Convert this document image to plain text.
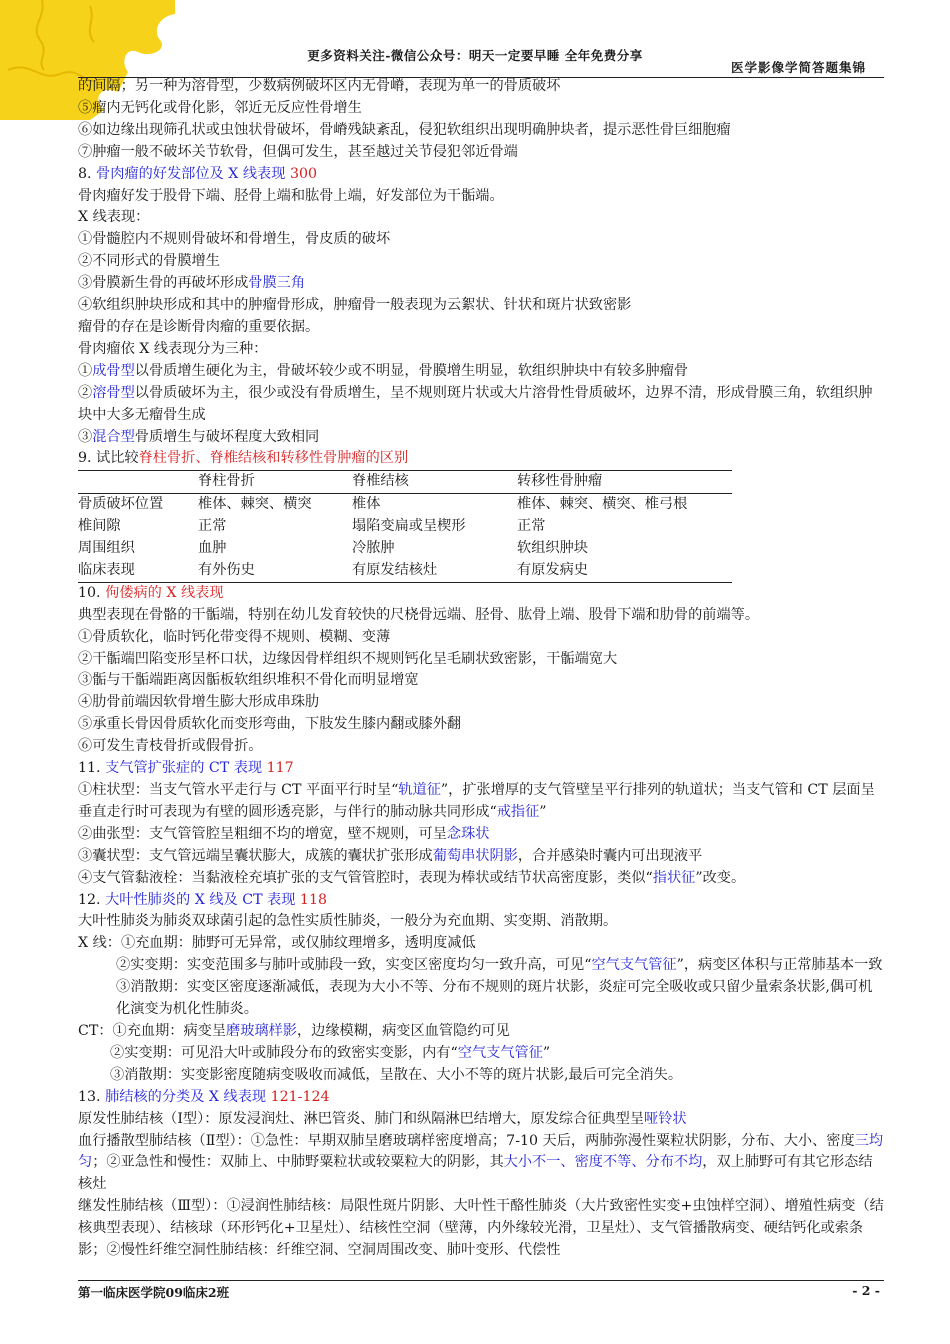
更多资料关注-微信公众号：明天一定要早睡 全年免费分享
医学影像学简答题集锦

的间隔；另一种为溶骨型，少数病例破坏区内无骨嵴，表现为单一的骨质破坏

⑤瘤内无钙化或骨化影，邻近无反应性骨增生

⑥如边缘出现筛孔状或虫蚀状骨破坏，骨嵴残缺紊乱，侵犯软组织出现明确肿块者，提示恶性骨巨细胞瘤

⑦肿瘤一般不破坏关节软骨，但偶可发生，甚至越过关节侵犯邻近骨端

8. 骨肉瘤的好发部位及 X 线表现 300

骨肉瘤好发于股骨下端、胫骨上端和肱骨上端，好发部位为干骺端。

X 线表现：

①骨髓腔内不规则骨破坏和骨增生，骨皮质的破坏

②不同形式的骨膜增生

③骨膜新生骨的再破坏形成骨膜三角

④软组织肿块形成和其中的肿瘤骨形成，肿瘤骨一般表现为云絮状、针状和斑片状致密影

瘤骨的存在是诊断骨肉瘤的重要依据。

骨肉瘤依 X 线表现分为三种：

①成骨型以骨质增生硬化为主，骨破坏较少或不明显，骨膜增生明显，软组织肿块中有较多肿瘤骨

②溶骨型以骨质破坏为主，很少或没有骨质增生，呈不规则斑片状或大片溶骨性骨质破坏，边界不清，形成骨膜三角，软组织肿块中大多无瘤骨生成

③混合型骨质增生与破坏程度大致相同

9. 试比较脊柱骨折、脊椎结核和转移性骨肿瘤的区别

	脊柱骨折	脊椎结核	转移性骨肿瘤
骨质破坏位置	椎体、棘突、横突	椎体	椎体、棘突、横突、椎弓根
椎间隙	正常	塌陷变扁或呈楔形	正常
周围组织	血肿	冷脓肿	软组织肿块
临床表现	有外伤史	有原发结核灶	有原发病史

10. 佝偻病的 X 线表现

典型表现在骨骼的干骺端，特别在幼儿发育较快的尺桡骨远端、胫骨、肱骨上端、股骨下端和肋骨的前端等。

①骨质软化，临时钙化带变得不规则、模糊、变薄

②干骺端凹陷变形呈杯口状，边缘因骨样组织不规则钙化呈毛刷状致密影，干骺端宽大

③骺与干骺端距离因骺板软组织堆积不骨化而明显增宽

④肋骨前端因软骨增生膨大形成串珠肋

⑤承重长骨因骨质软化而变形弯曲，下肢发生膝内翻或膝外翻

⑥可发生青枝骨折或假骨折。

11. 支气管扩张症的 CT 表现 117

①柱状型：当支气管水平走行与 CT 平面平行时呈“轨道征”，扩张增厚的支气管壁呈平行排列的轨道状；当支气管和 CT 层面呈垂直走行时可表现为有壁的圆形透亮影，与伴行的肺动脉共同形成“戒指征”

②曲张型：支气管管腔呈粗细不均的增宽，壁不规则，可呈念珠状

③囊状型：支气管远端呈囊状膨大，成簇的囊状扩张形成葡萄串状阴影，合并感染时囊内可出现液平

④支气管黏液栓：当黏液栓充填扩张的支气管管腔时，表现为棒状或结节状高密度影，类似“指状征”改变。

12. 大叶性肺炎的 X 线及 CT 表现 118

大叶性肺炎为肺炎双球菌引起的急性实质性肺炎，一般分为充血期、实变期、消散期。

X 线：①充血期：肺野可无异常，或仅肺纹理增多，透明度减低

②实变期：实变范围多与肺叶或肺段一致，实变区密度均匀一致升高，可见“空气支气管征”，病变区体积与正常肺基本一致

③消散期：实变区密度逐渐减低，表现为大小不等、分布不规则的斑片状影，炎症可完全吸收或只留少量索条状影,偶可机化演变为机化性肺炎。

CT：①充血期：病变呈磨玻璃样影，边缘模糊，病变区血管隐约可见

②实变期：可见沿大叶或肺段分布的致密实变影，内有“空气支气管征”

③消散期：实变影密度随病变吸收而减低，呈散在、大小不等的斑片状影,最后可完全消失。

13. 肺结核的分类及 X 线表现 121-124

原发性肺结核（Ⅰ型）：原发浸润灶、淋巴管炎、肺门和纵隔淋巴结增大，原发综合征典型呈哑铃状

血行播散型肺结核（Ⅱ型）：①急性：早期双肺呈磨玻璃样密度增高；7-10 天后，两肺弥漫性粟粒状阴影，分布、大小、密度三均匀；②亚急性和慢性：双肺上、中肺野粟粒状或较粟粒大的阴影，其大小不一、密度不等、分布不均，双上肺野可有其它形态结核灶

继发性肺结核（Ⅲ型）：①浸润性肺结核：局限性斑片阴影、大叶性干酪性肺炎（大片致密性实变+虫蚀样空洞）、增殖性病变（结核典型表现）、结核球（环形钙化+卫星灶）、结核性空洞（壁薄，内外缘较光滑，卫星灶）、支气管播散病变、硬结钙化或索条影；②慢性纤维空洞性肺结核：纤维空洞、空洞周围改变、肺叶变形、代偿性

第一临床医学院09临床2班	- 2 -
